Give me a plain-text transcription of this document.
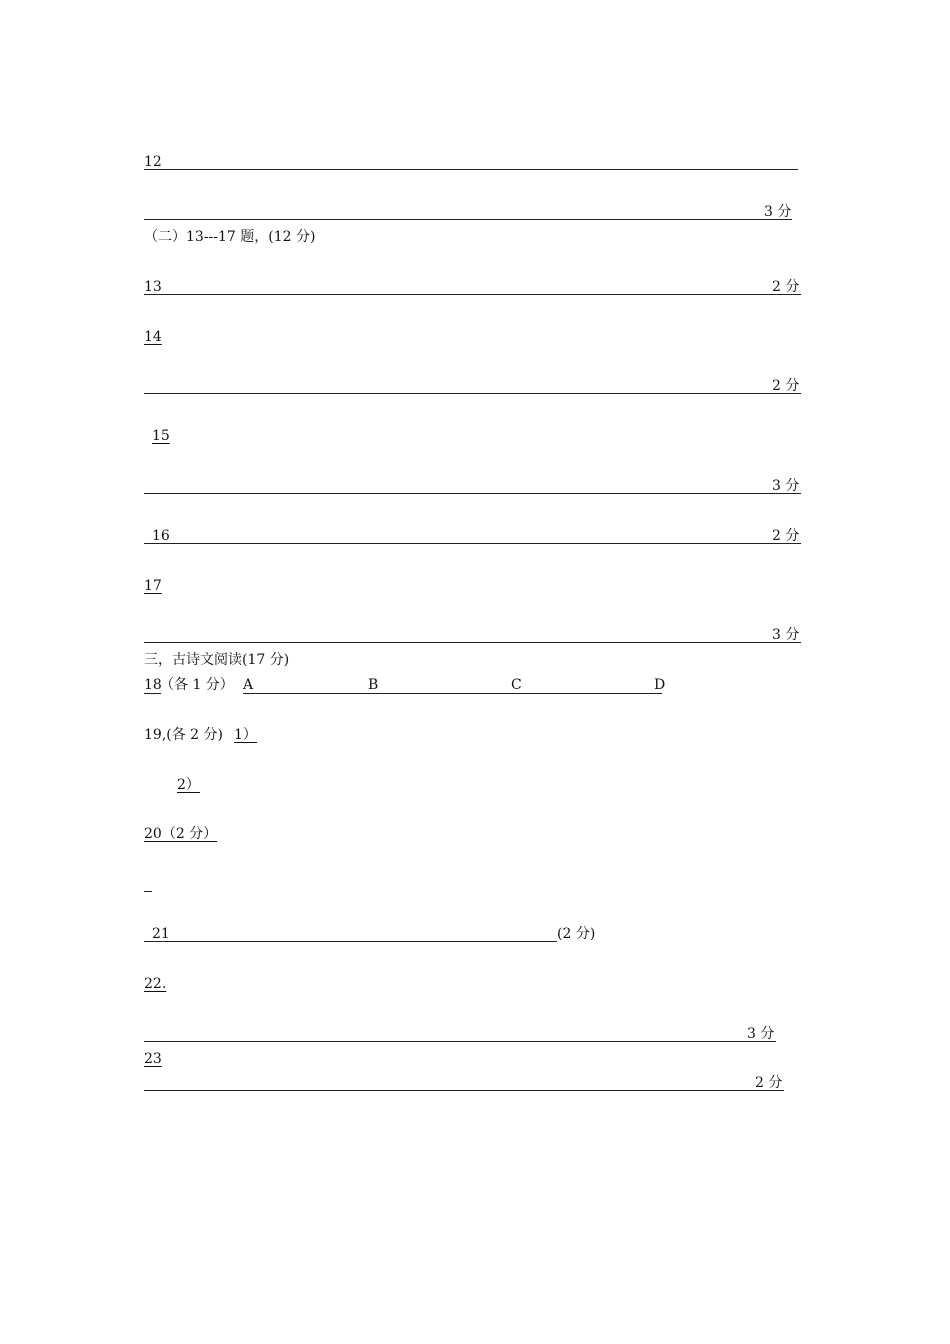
12
3 分
（二）13---17 题，(12 分)
13	2 分
14
2 分
15
3 分
16	2 分
17
3 分
三，古诗文阅读(17 分)
18
（各 1 分） A	B	C	D
19,(各 2 分) 1）
2）
20（2 分）
21	(2 分)
22.
3 分
23
2 分
